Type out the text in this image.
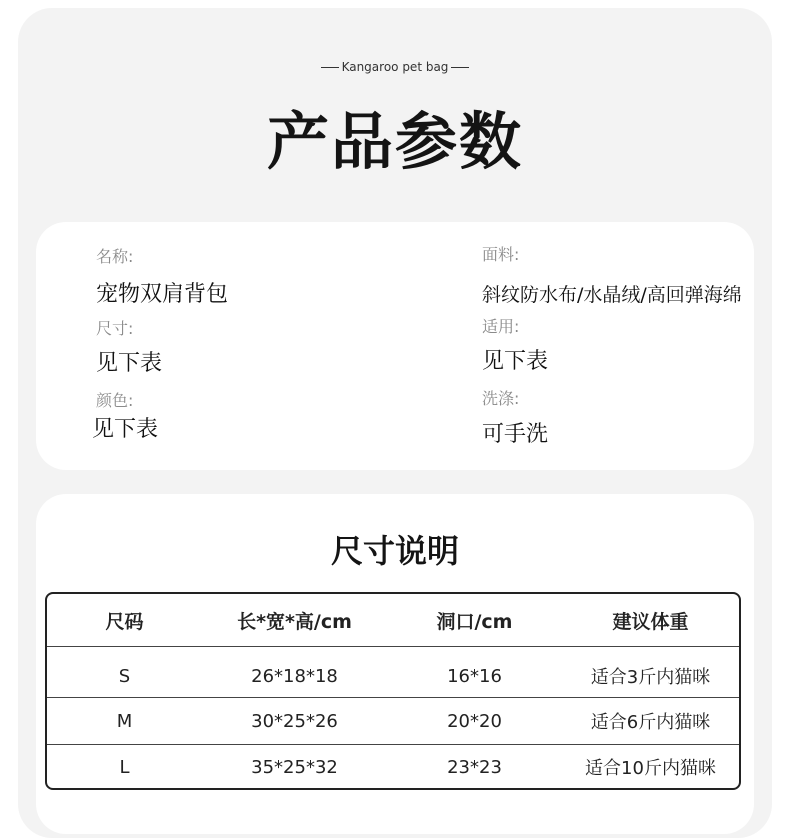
Kangaroo pet bag
产品参数
名称:
宠物双肩背包
面料:
斜纹防水布/水晶绒/高回弹海绵
尺寸:
见下表
适用:
见下表
颜色:
见下表
洗涤:
可手洗
尺寸说明
尺码	长*宽*高/cm	洞口/cm	建议体重
S	26*18*18	16*16	适合3斤内猫咪
M	30*25*26	20*20	适合6斤内猫咪
L	35*25*32	23*23	适合10斤内猫咪
